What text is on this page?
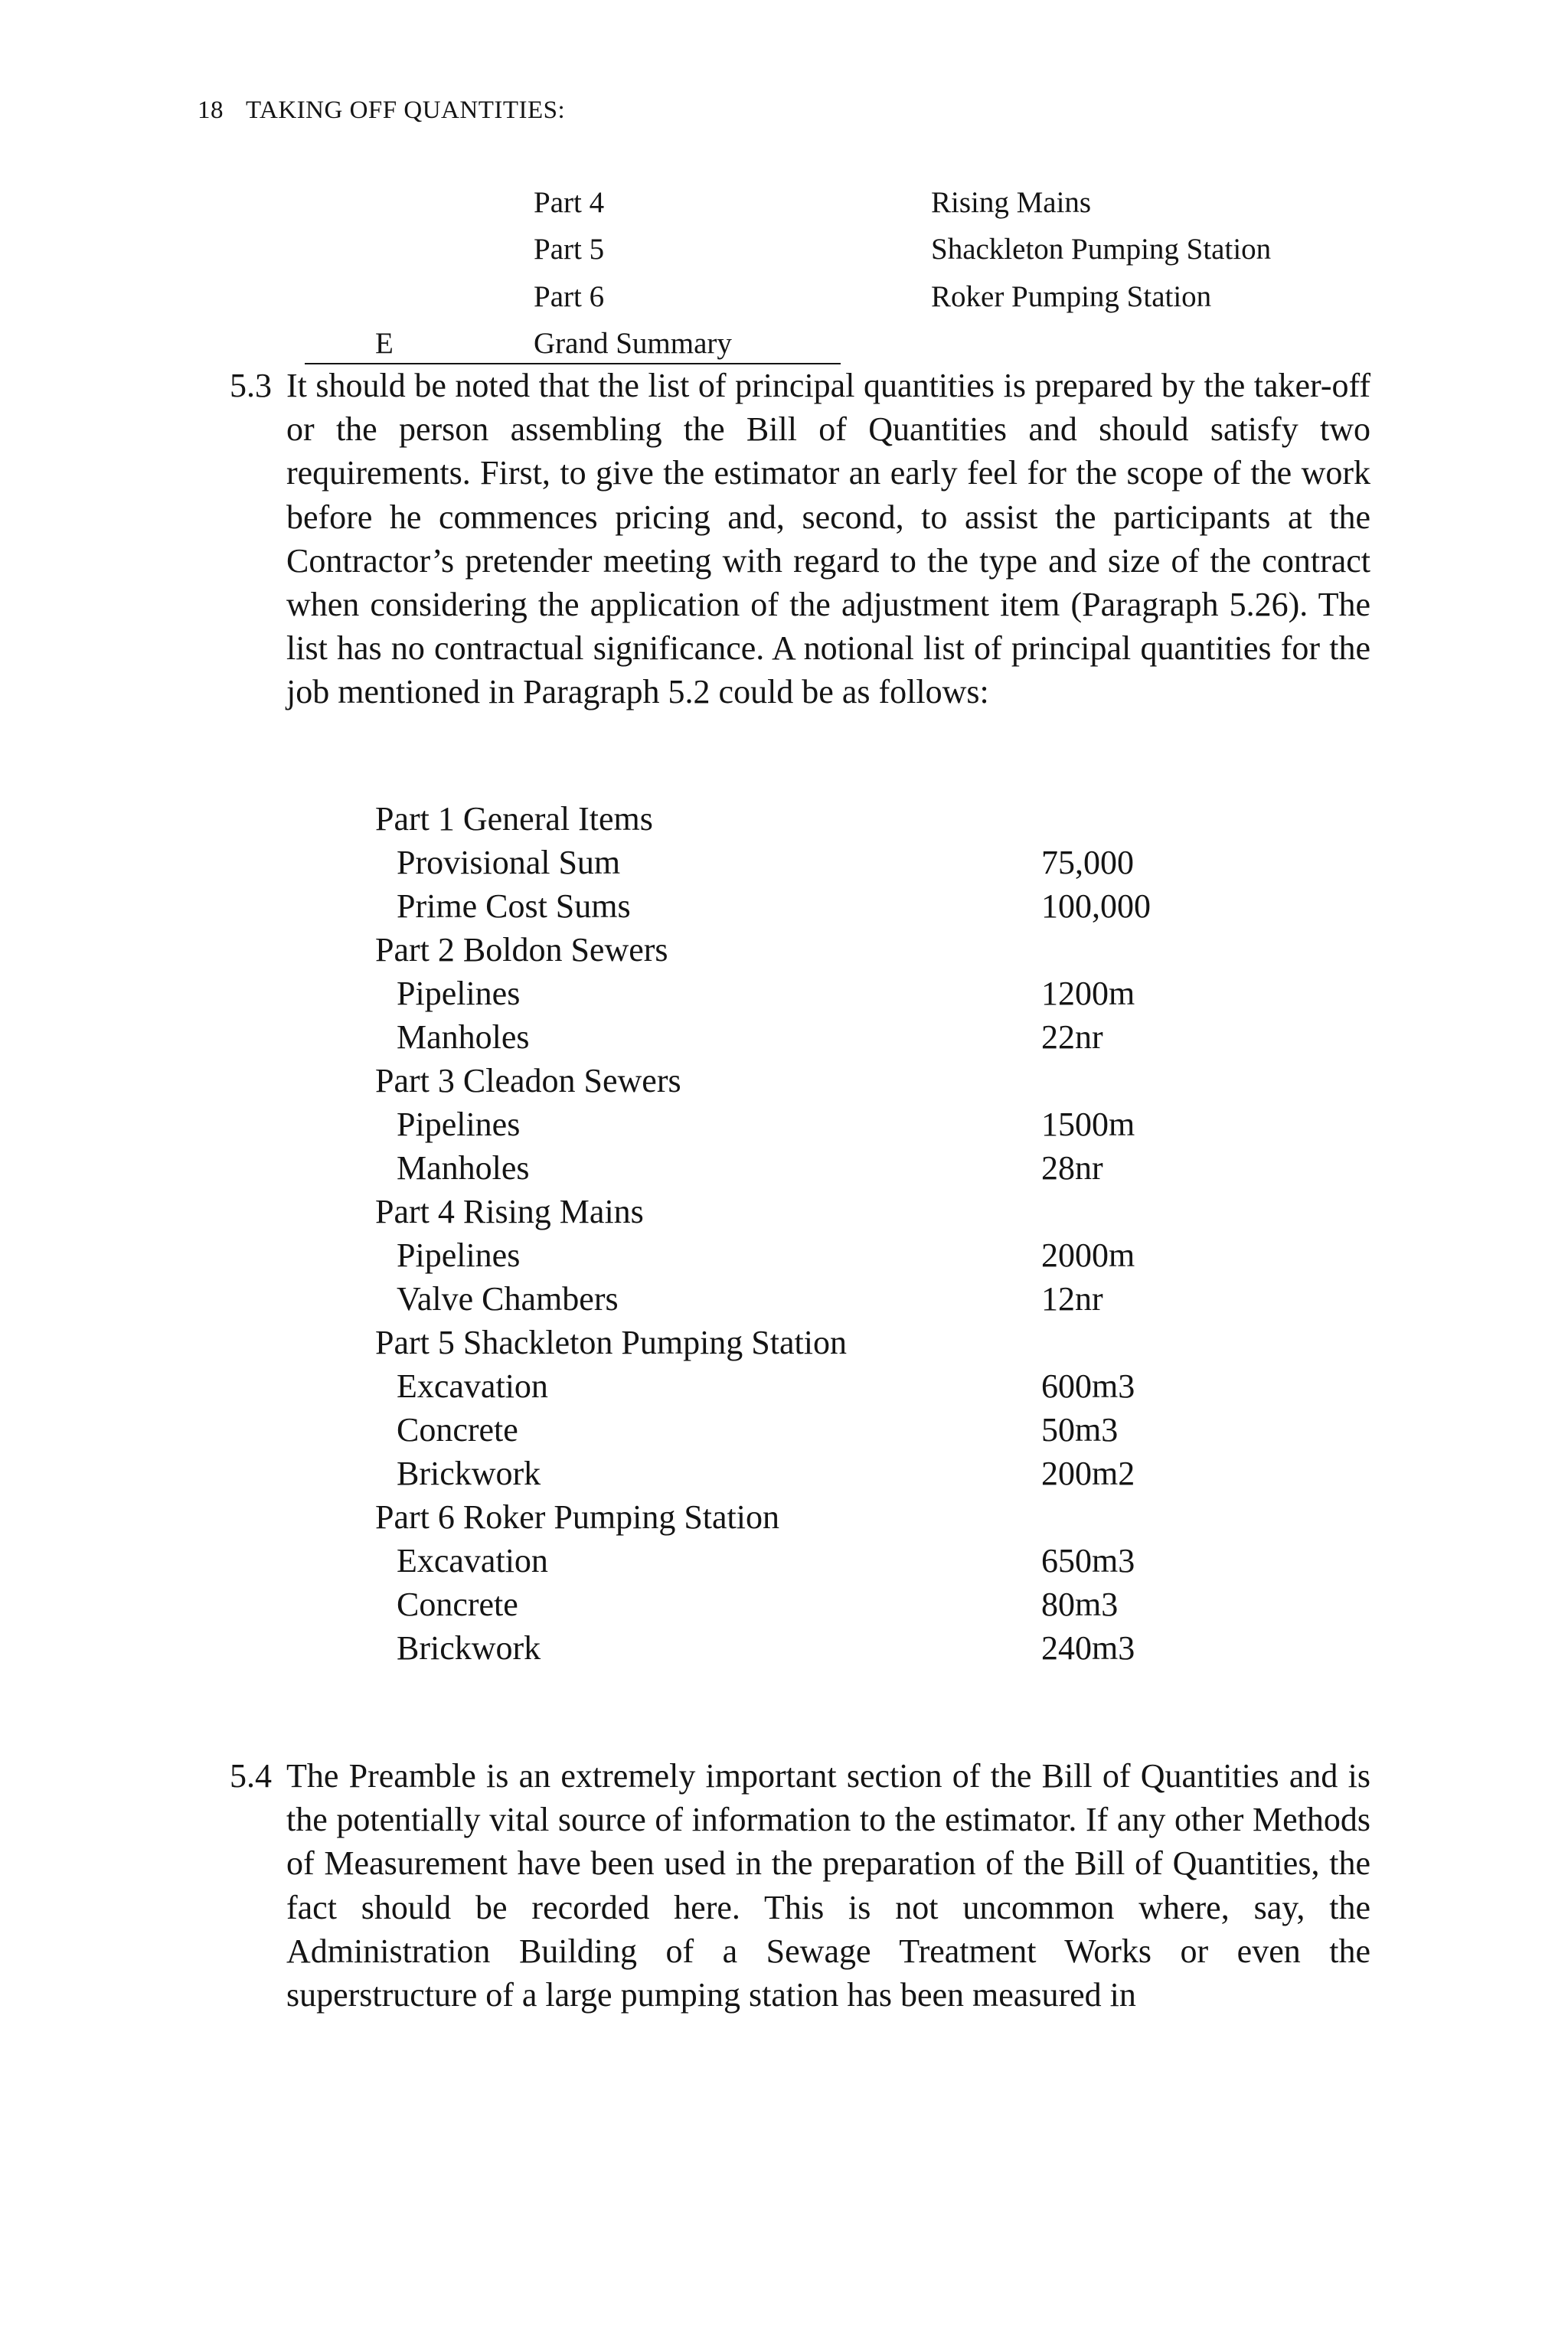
18 TAKING OFF QUANTITIES:
Part 4	Rising Mains
Part 5	Shackleton Pumping Station
Part 6	Roker Pumping Station
E	Grand Summary
5.3 It should be noted that the list of principal quantities is prepared by the taker-off or the person assembling the Bill of Quantities and should satisfy two requirements. First, to give the estimator an early feel for the scope of the work before he commences pricing and, second, to assist the participants at the Contractor’s pretender meeting with regard to the type and size of the contract when considering the application of the adjustment item (Paragraph 5.26). The list has no contractual significance. A notional list of principal quantities for the job mentioned in Paragraph 5.2 could be as follows:
Part 1 General Items
Provisional Sum	75,000
Prime Cost Sums	100,000
Part 2 Boldon Sewers
Pipelines	1200m
Manholes	22nr
Part 3 Cleadon Sewers
Pipelines	1500m
Manholes	28nr
Part 4 Rising Mains
Pipelines	2000m
Valve Chambers	12nr
Part 5 Shackleton Pumping Station
Excavation	600m3
Concrete	50m3
Brickwork	200m2
Part 6 Roker Pumping Station
Excavation	650m3
Concrete	80m3
Brickwork	240m3
5.4 The Preamble is an extremely important section of the Bill of Quantities and is the potentially vital source of information to the estimator. If any other Methods of Measurement have been used in the preparation of the Bill of Quantities, the fact should be recorded here. This is not uncommon where, say, the Administration Building of a Sewage Treatment Works or even the superstructure of a large pumping station has been measured in
